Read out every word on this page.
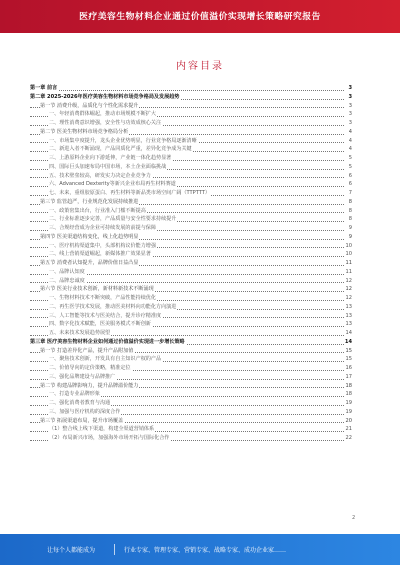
医疗美容生物材料企业通过价值溢价实现增长策略研究报告
内容目录
第一章 前言	3
第二章 2025-2026年医疗美容生物材料市场竞争格局及发展趋势	3
第一节 消费升级，品质化与个性化需求提升	3
一、年轻消费群体崛起，推动市场规模不断扩大	3
二、理性消费意识增强，安全性与功效成核心关注	3
第二节 医美生物材料市场竞争格局分析	4
一、市场集中度提升，龙头企业优势明显，行业竞争格局逐渐清晰	4
二、新进入者不断涌现，产品同质化严重，差异化竞争成为关键	4
三、上游原料企业向下游延伸，产业链一体化趋势显著	5
四、国际巨头加速布局中国市场，本土企业面临挑战	5
五、技术壁垒较高，研发实力决定企业竞争力	6
六、Advanced Dexterity等新兴企业布局再生材料赛道	6
七、未来，重组胶原蛋白、再生材料等新品类市场空间广阔（TTPTTT）	7
第三节 监管趋严，行业规范化发展持续推进	8
一、政策密集出台，行业准入门槛不断提高	8
二、行业标准逐步完善，产品质量与安全性要求持续提升	8
三、合规经营成为企业可持续发展的前提与保障	9
第四节 医美渠道结构变化，线上化趋势明显	9
一、医疗机构渠道集中，头部机构议价能力增强	10
二、线上营销渠道崛起，新媒体推广效果显著	10
第五节 消费者认知提升，品牌价值日益凸显	11
一、品牌认知度	11
二、品牌忠诚度	12
第六节 医美行业技术创新，新材料新技术不断涌现	12
一、生物材料技术不断突破，产品性能持续优化	12
二、再生医学技术发展，推动医美材料向功能化方向演进	13
三、人工智能等技术与医美结合，提升诊疗精准度	13
四、数字化技术赋能，医美服务模式不断创新	13
五、未来技术发展趋势展望	14
第三章 医疗美容生物材料企业如何通过价值溢价实现进一步增长策略	14
第一节 打造差异化产品，提升产品附加值	15
一、聚焦技术创新，开发具有自主知识产权的产品	15
二、价值导向的定价策略，精准定位	16
三、强化品牌建设与品牌推广	17
第二节 构建品牌影响力，提升品牌溢价能力	18
一、打造专业品牌形象	18
二、强化消费者教育与沟通	19
三、加强与医疗机构的深度合作	19
第三节 拓展渠道布局，提升市场覆盖	20
（1）整合线上线下渠道，构建全渠道营销体系	21
（2）布局新兴市场，加强海外市场开拓与国际化合作	22
2
让每个人都能成为	行业专家、管理专家、营销专家、战略专家、成功企业家……
